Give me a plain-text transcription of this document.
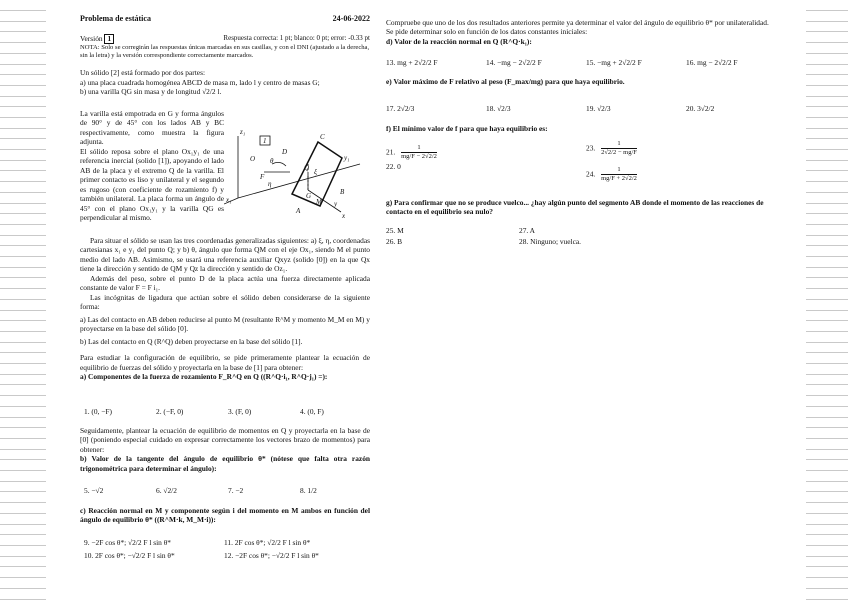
Problema de estática	24-06-2022
Versión 1	Respuesta correcta: 1 pt; blanco: 0 pt; error: -0.33 pt

NOTA: Solo se corregirán las respuestas únicas marcadas en sus casillas, y con el DNI (ajustado a la derecha, sin la letra) y la versión correspondiente correctamente marcados.

Un sólido [2] está formado por dos partes:

a) una placa cuadrada homogénea ABCD de masa m, lado l y centro de masas G;

b) una varilla QG sin masa y de longitud √2/2 l.

La varilla está empotrada en G y forma ángulos de 90° y de 45° con los lados AB y BC respectivamente, como muestra la figura adjunta.

El sólido reposa sobre el plano Ox₁y₁ de una referencia inercial (solido [1]), apoyando el lado AB de la placa y el extremo Q de la varilla. El primer contacto es liso y unilateral y el segundo es rugoso (con coeficiente de rozamiento f) y también unilateral. La placa forma un ángulo de 45° con el plano Ox₁y₁ y la varilla QG es perpendicular al mismo.

z₁
1	C
D
θ	y₁
O
ξ
F
Q
G
η
B
M y
x₁
A
x

Para situar el sólido se usan las tres coordenadas generalizadas siguientes: a) ξ, η, coordenadas cartesianas x₁ e y₁ del punto Q; y b) θ, ángulo que forma QM con el eje Ox₁, siendo M el punto medio del lado AB. Asimismo, se usará una referencia auxiliar Qxyz (solido [0]) en la que Qx tiene la dirección y sentido de QM y Qz la dirección y sentido de Oz₁.

Además del peso, sobre el punto D de la placa actúa una fuerza directamente aplicada constante de valor F = F i₁.

Las incógnitas de ligadura que actúan sobre el sólido deben considerarse de la siguiente forma:

a) Las del contacto en AB deben reducirse al punto M (resultante R^M y momento M_M en M) y proyectarse en la base del sólido [0].

b) Las del contacto en Q (R^Q) deben proyectarse en la base del sólido [1].

Para estudiar la configuración de equilibrio, se pide primeramente plantear la ecuación de equilibrio de fuerzas del sólido y proyectarla en la base de [1] para obtener:

a) Componentes de la fuerza de rozamiento F_R^Q en Q ((R^Q·i₁, R^Q·j₁) =):

1. (0, −F)	2. (−F, 0)	3. (F, 0)	4. (0, F)

Seguidamente, plantear la ecuación de equilibrio de momentos en Q y proyectarla en la base de [0] (poniendo especial cuidado en expresar correctamente los vectores brazo de momentos) para obtener:

b) Valor de la tangente del ángulo de equilibrio θ* (nótese que falta otra razón trigonométrica para determinar el ángulo):

5. −√2	6. √2/2	7. −2	8. 1/2

c) Reacción normal en M y componente según i del momento en M ambos en función del ángulo de equilibrio θ* ((R^M·k, M_M·i)):

9. −2F cos θ*; √2/2 F l sin θ*	11. 2F cos θ*; √2/2 F l sin θ*
10. 2F cos θ*; −√2/2 F l sin θ*	12. −2F cos θ*; −√2/2 F l sin θ*

Compruebe que uno de los dos resultados anteriores permite ya determinar el valor del ángulo de equilibrio θ* por unilateralidad.

Se pide determinar solo en función de los datos constantes iniciales:

d) Valor de la reacción normal en Q (R^Q·k₁):

13. mg + 2√2/2 F	14. −mg − 2√2/2 F	15. −mg + 2√2/2 F	16. mg − 2√2/2 F

e) Valor máximo de F relativo al peso (F_max/mg) para que haya equilibrio.

17. 2√2/3	18. √2/3	19. √2/3	20. 3√2/2

f) El mínimo valor de f para que haya equilibrio es:

21. $\frac{1}{mg/F - 2√2/2}$
22. 0
23. $\frac{1}{2√2/2 - mg/F}$
24. $\frac{1}{mg/F + 2√2/2}$

g) Para confirmar que no se produce vuelco... ¿hay algún punto del segmento AB donde el momento de las reacciones de contacto en el equilibrio sea nulo?

25. M	27. A
26. B	28. Ninguno; vuelca.
